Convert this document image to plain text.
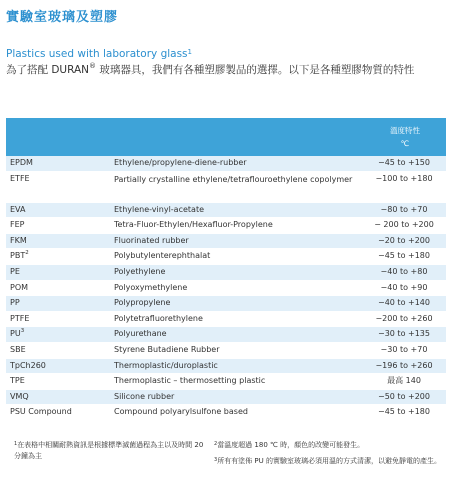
實驗室玻璃及塑膠
Plastics used with laboratory glass$^1$
為了搭配 DURAN® 玻璃器具，我們有各種塑膠製品的選擇。以下是各種塑膠物質的特性

		溫度特性
℃

EPDM	Ethylene/propylene-diene-rubber	−45 to +150
ETFE	Partially crystalline ethylene/tetraflouroethylene copolymer	−100 to +180
EVA	Ethylene-vinyl-acetate	−80 to +70
FEP	Tetra-Fluor-Ethylen/Hexafluor-Propylene	− 200 to +200
FKM	Fluorinated rubber	−20 to +200
PBT$^2$	Polybutylenterephthalat	−45 to +180
PE	Polyethylene	−40 to +80
POM	Polyoxymethylene	−40 to +90
PP	Polypropylene	−40 to +140
PTFE	Polytetrafluorethylene	−200 to +260
$PU^3$	Polyurethane	−30 to +135
SBE	Styrene Butadiene Rubber	−30 to +70
TpCh260	Thermoplastic/duroplastic	−196 to +260
TPE	Thermoplastic – thermosetting plastic	最高 140
VMQ	Silicone rubber	−50 to +200
PSU Compound	Compound polyarylsulfone based	−45 to +180
$^1$在表格中相關耐熱資訊是根據標準滅菌過程為主以及時間 20 分鐘為主
$^2$當溫度超過 180 ℃ 時，顏色的改變可能發生。
$^3$所有有塗佈 PU 的實驗室玻璃必須用溫的方式清潔，以避免靜電的產生。
